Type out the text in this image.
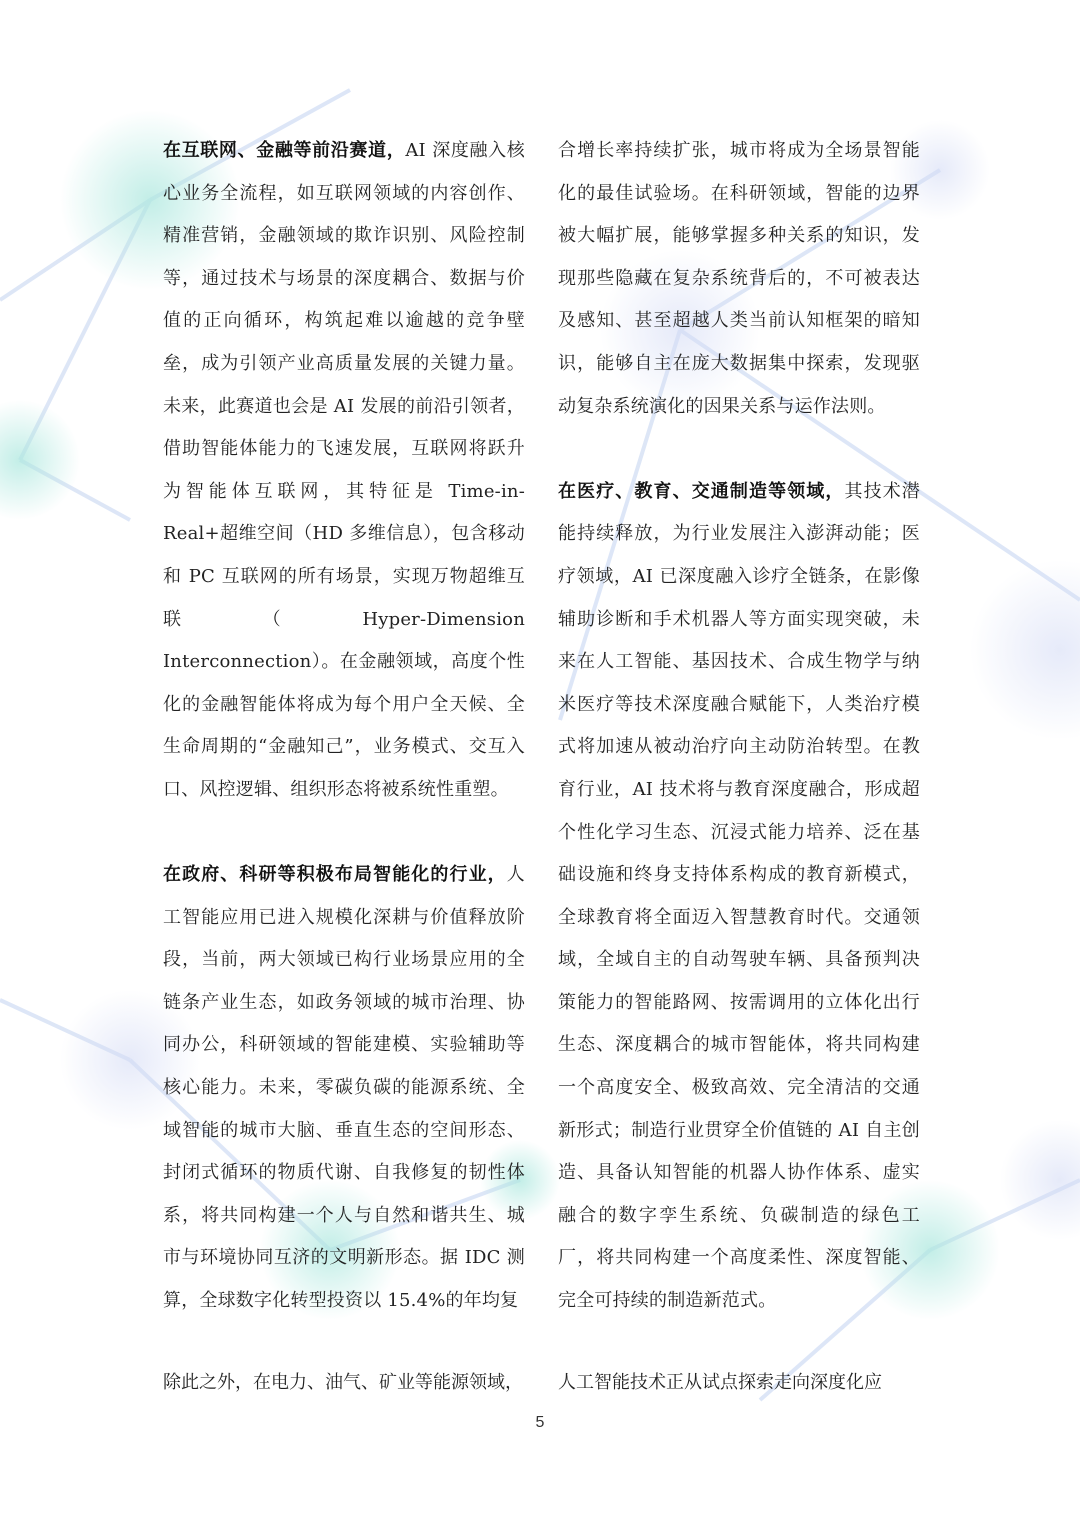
在互联网、金融等前沿赛道，AI 深度融入核心业务全流程，如互联网领域的内容创作、精准营销，金融领域的欺诈识别、风险控制等，通过技术与场景的深度耦合、数据与价值的正向循环，构筑起难以逾越的竞争壁垒，成为引领产业高质量发展的关键力量。未来，此赛道也会是 AI 发展的前沿引领者，借助智能体能力的飞速发展，互联网将跃升为智能体互联网，其特征是 Time-in-Real+超维空间（HD 多维信息），包含移动和 PC 互联网的所有场景，实现万物超维互联（Hyper-Dimension Interconnection）。在金融领域，高度个性化的金融智能体将成为每个用户全天候、全生命周期的“金融知己”，业务模式、交互入口、风控逻辑、组织形态将被系统性重塑。

在政府、科研等积极布局智能化的行业，人工智能应用已进入规模化深耕与价值释放阶段，当前，两大领域已构行业场景应用的全链条产业生态，如政务领域的城市治理、协同办公，科研领域的智能建模、实验辅助等核心能力。未来，零碳负碳的能源系统、全域智能的城市大脑、垂直生态的空间形态、封闭式循环的物质代谢、自我修复的韧性体系，将共同构建一个人与自然和谐共生、城市与环境协同互济的文明新形态。据 IDC 测算，全球数字化转型投资以 15.4%的年均复

合增长率持续扩张，城市将成为全场景智能化的最佳试验场。在科研领域，智能的边界被大幅扩展，能够掌握多种关系的知识，发现那些隐藏在复杂系统背后的，不可被表达及感知、甚至超越人类当前认知框架的暗知识，能够自主在庞大数据集中探索，发现驱动复杂系统演化的因果关系与运作法则。

在医疗、教育、交通制造等领域，其技术潜能持续释放，为行业发展注入澎湃动能；医疗领域，AI 已深度融入诊疗全链条，在影像辅助诊断和手术机器人等方面实现突破，未来在人工智能、基因技术、合成生物学与纳米医疗等技术深度融合赋能下，人类治疗模式将加速从被动治疗向主动防治转型。在教育行业，AI 技术将与教育深度融合，形成超个性化学习生态、沉浸式能力培养、泛在基础设施和终身支持体系构成的教育新模式，全球教育将全面迈入智慧教育时代。交通领域，全域自主的自动驾驶车辆、具备预判决策能力的智能路网、按需调用的立体化出行生态、深度耦合的城市智能体，将共同构建一个高度安全、极致高效、完全清洁的交通新形式；制造行业贯穿全价值链的 AI 自主创造、具备认知智能的机器人协作体系、虚实融合的数字孪生系统、负碳制造的绿色工厂，将共同构建一个高度柔性、深度智能、完全可持续的制造新范式。

除此之外，在电力、油气、矿业等能源领域， 人工智能技术正从试点探索走向深度化应

5
